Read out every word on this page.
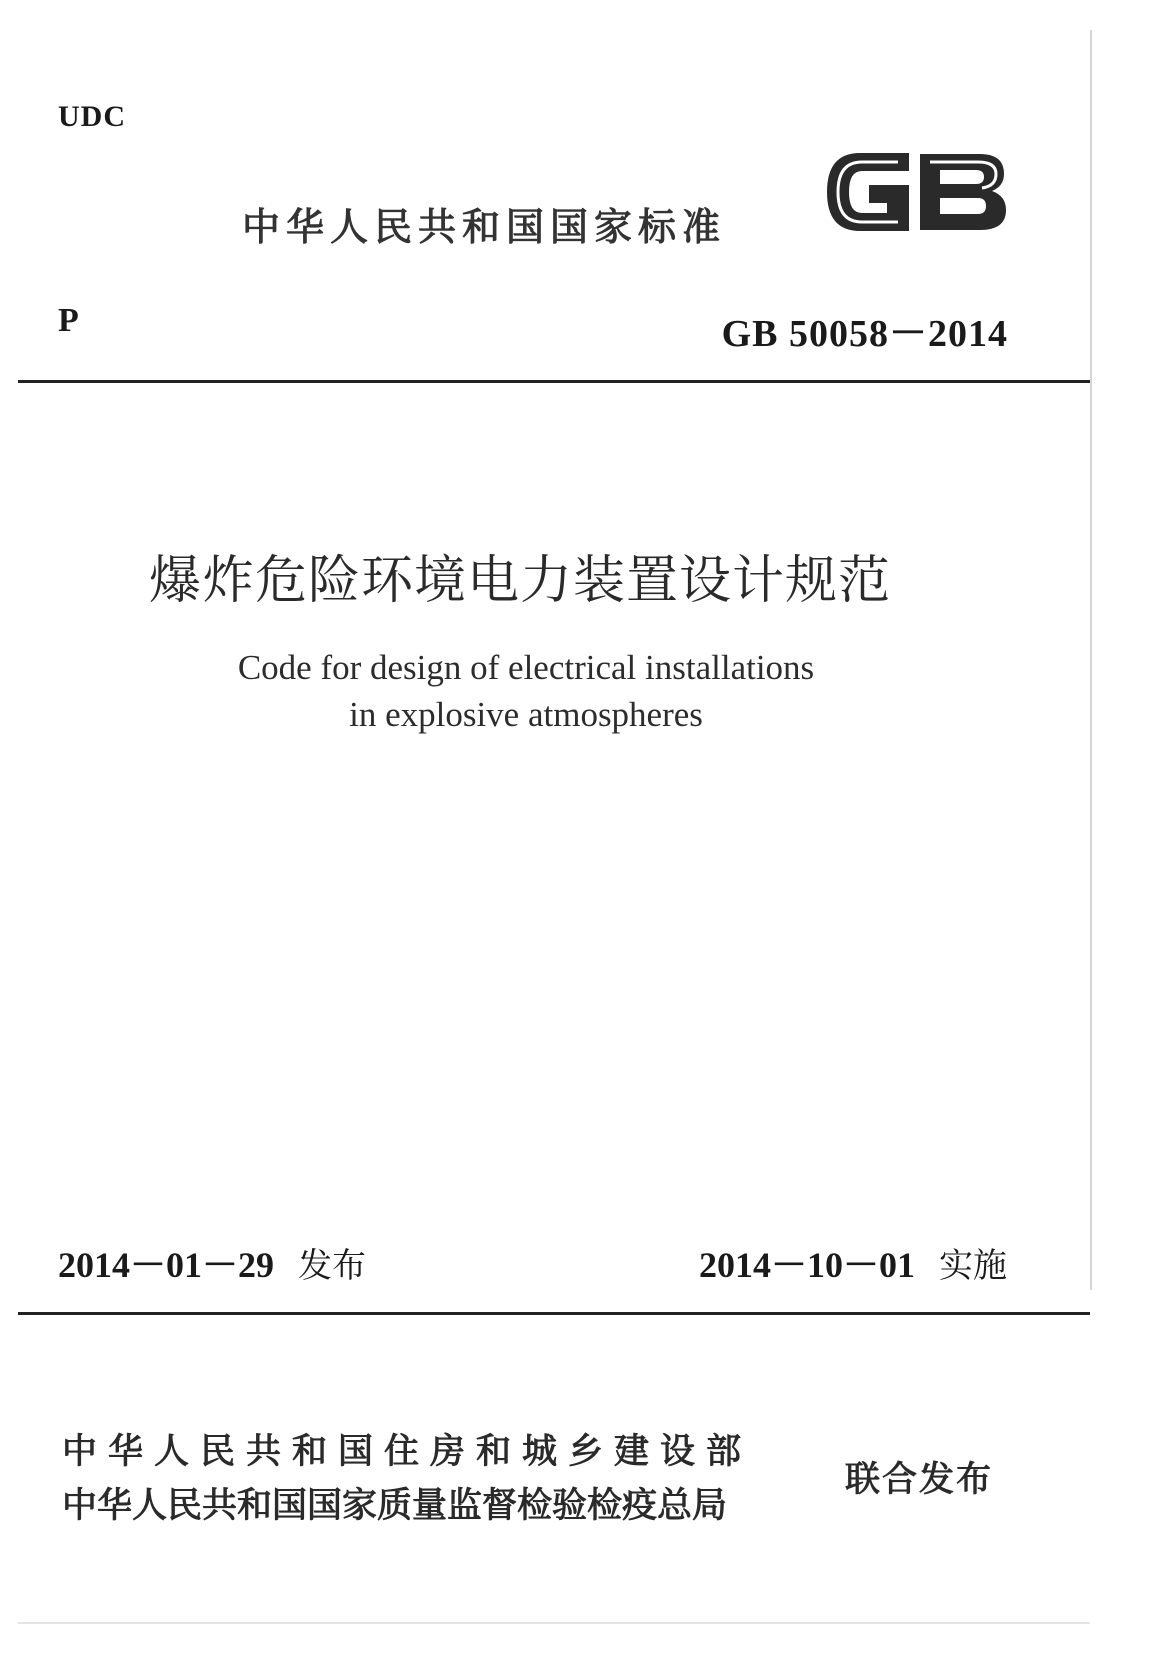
UDC
中华人民共和国国家标准
P	GB 50058－2014
爆炸危险环境电力装置设计规范
Code for design of electrical installations
in explosive atmospheres
2014－01－29 发布	2014－10－01 实施
中华人民共和国住房和城乡建设部
中华人民共和国国家质量监督检验检疫总局
联合发布
